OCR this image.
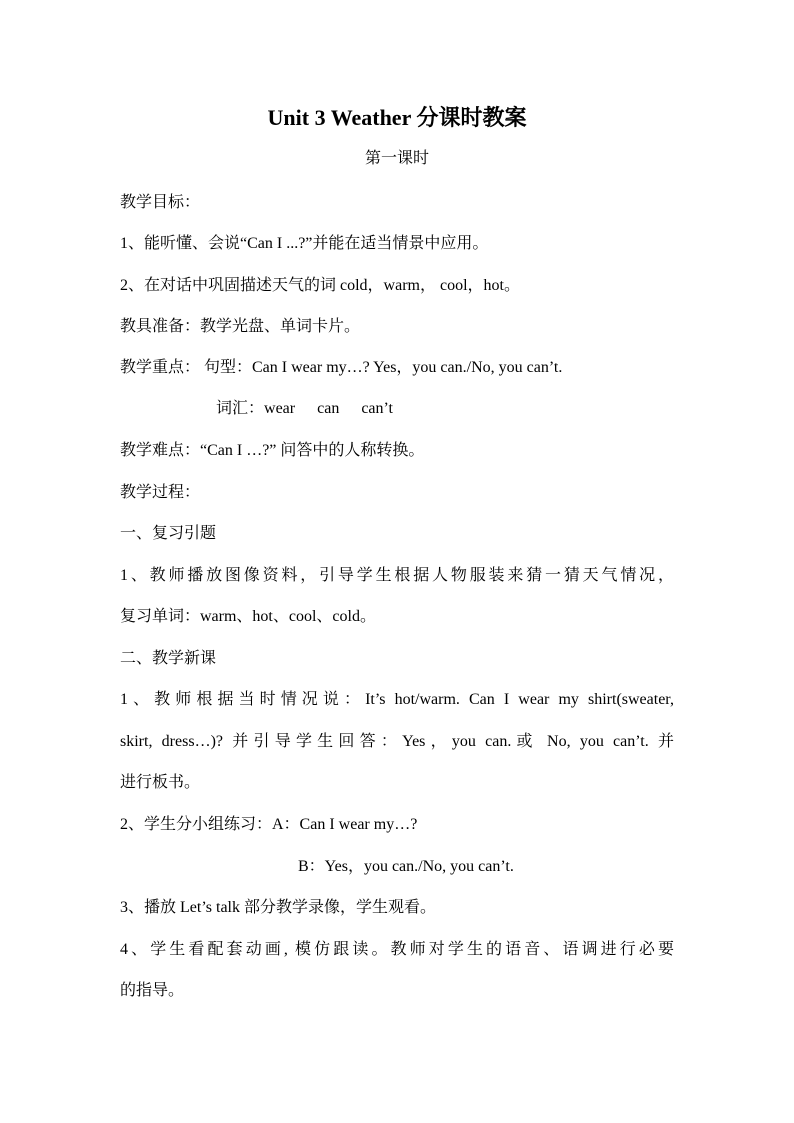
Unit 3 Weather 分课时教案
第一课时
教学目标：
1、能听懂、会说“Can I ...?”并能在适当情景中应用。
2、在对话中巩固描述天气的词 cold，warm， cool，hot。
教具准备：教学光盘、单词卡片。
教学重点： 句型：Can I wear my…? Yes，you can./No, you can’t.
词汇：wear can can’t
教学难点：“Can I …?” 问答中的人称转换。
教学过程：
一、复习引题
1、教师播放图像资料，引导学生根据人物服装来猜一猜天气情况，
复习单词：warm、hot、cool、cold。
二、教学新课
1、教师根据当时情况说：It’s hot/warm. Can I wear my shirt(sweater,
skirt, dress…)? 并引导学生回答：Yes，you can.或 No, you can’t. 并
进行板书。
2、学生分小组练习：A：Can I wear my…?
B：Yes，you can./No, you can’t.
3、播放 Let’s talk 部分教学录像，学生观看。
4、学生看配套动画, 模仿跟读。教师对学生的语音、语调进行必要
的指导。
